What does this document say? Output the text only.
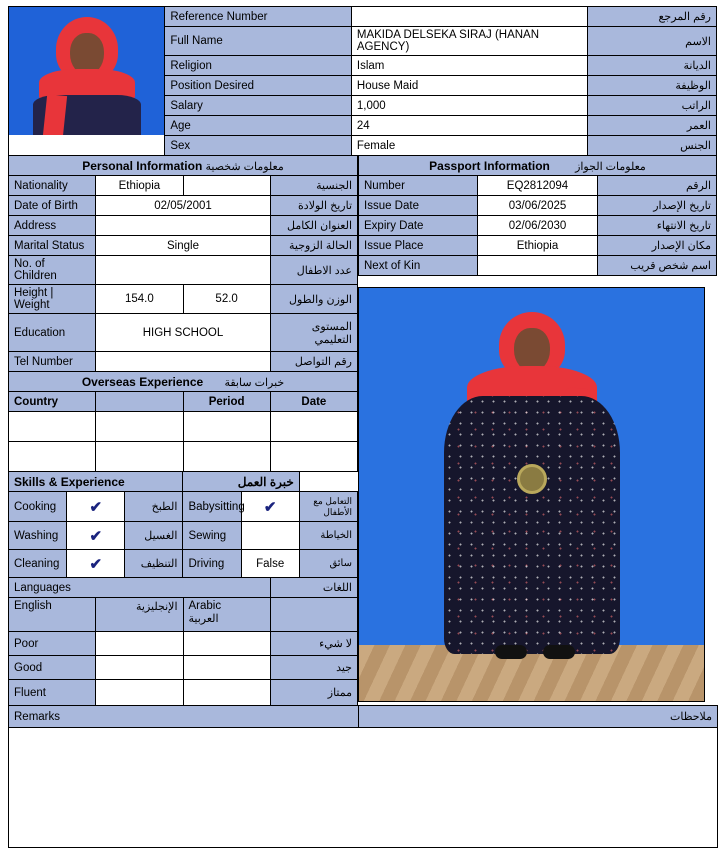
	Reference Number		رقم المرجع
	Full Name	MAKIDA DELSEKA SIRAJ (HANAN AGENCY)	الاسم
	Religion	Islam	الديانة
	Position Desired	House Maid	الوظيفة
	Salary	1,000	الراتب
	Age	24	العمر
	Sex	Female	الجنس
Personal Information معلومات شخصية
Nationality	Ethiopia		الجنسية
Date of Birth	02/05/2001	تاريخ الولادة
Address		العنوان الكامل
Marital Status	Single	الحالة الزوجية
No. of Children		عدد الاطفال
Height | Weight	154.0	52.0	الوزن والطول
Education	HIGH SCHOOL	المستوى التعليمي
Tel Number		رقم التواصل
Overseas Experience خبرات سابقة
Country		Period	Date

Skills & Experience	خبرة العمل
Cooking	✔	الطبخ	Babysitting	✔	التعامل مع الأطفال
Washing	✔	الغسيل	Sewing		الخياطة
Cleaning	✔	التنظيف	Driving	False	سائق
Languages	اللغات
English	الإنجليزية	Arabic
العربية

Poor			لا شيء
Good			جيد
Fluent			ممتاز

Passport Information معلومات الجواز
Number	EQ2812094	الرقم
Issue Date	03/06/2025	تاريخ الإصدار
Expiry Date	02/06/2030	تاريخ الانتهاء
Issue Place	Ethiopia	مكان الإصدار
Next of Kin		اسم شخص قريب

Remarks	ملاحظات
